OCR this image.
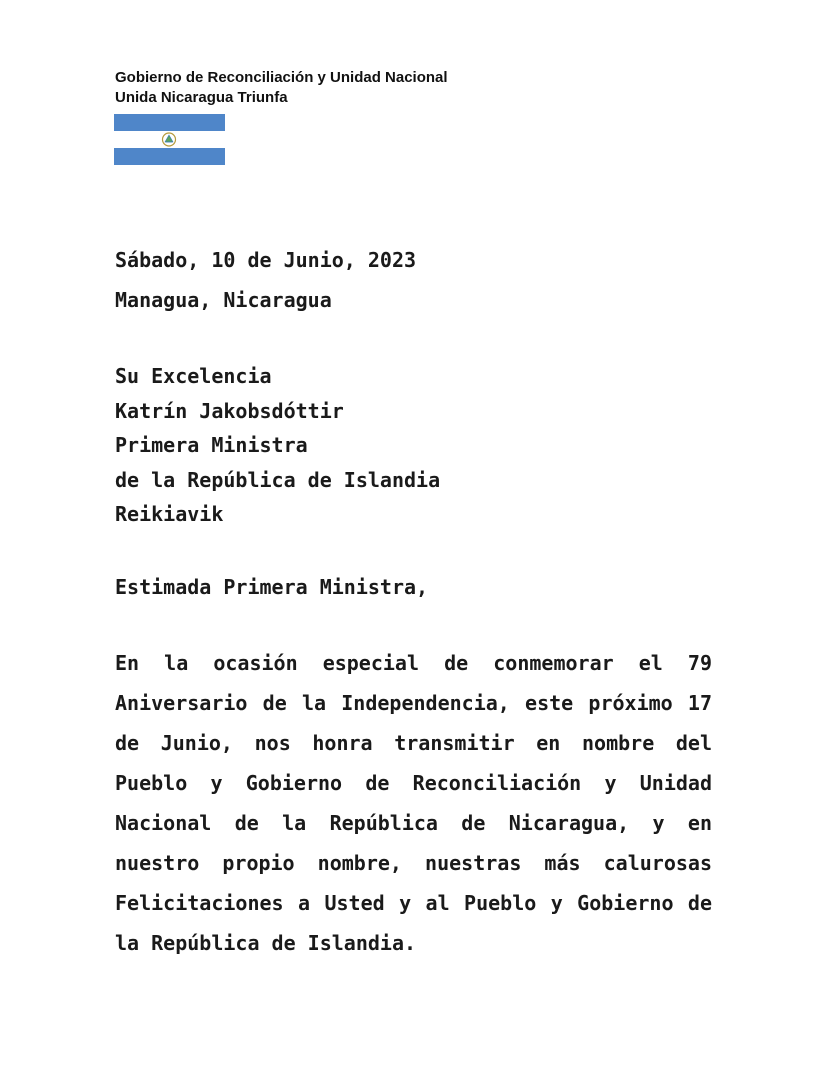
Gobierno de Reconciliación y Unidad Nacional
Unida Nicaragua Triunfa
Sábado, 10 de Junio, 2023
Managua, Nicaragua
Su Excelencia
Katrín Jakobsdóttir
Primera Ministra
de la República de Islandia
Reikiavik
Estimada Primera Ministra,
En la ocasión especial de conmemorar el 79 Aniversario de la Independencia, este próximo 17 de Junio, nos honra transmitir en nombre del Pueblo y Gobierno de Reconciliación y Unidad Nacional de la República de Nicaragua, y en nuestro propio nombre, nuestras más calurosas Felicitaciones a Usted y al Pueblo y Gobierno de la República de Islandia.
